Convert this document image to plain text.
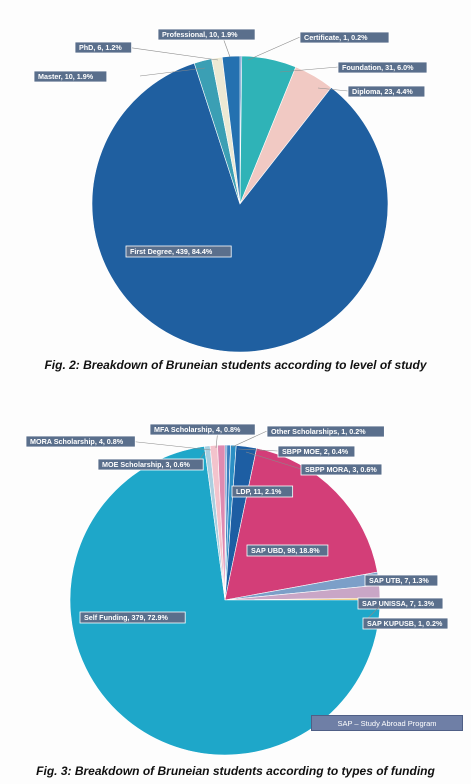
Certificate, 1, 0.2%
Foundation, 31, 6.0%
Diploma, 23, 4.4%
First Degree, 439, 84.4%
Master, 10, 1.9%
PhD, 6, 1.2%
Professional, 10, 1.9%
Other Scholarships, 1, 0.2%
SBPP MOE, 2, 0.4%
SBPP MORA, 3, 0.6%
LDP, 11, 2.1%
SAP UBD, 98, 18.8%
SAP UTB, 7, 1.3%
SAP UNISSA, 7, 1.3%
SAP KUPUSB, 1, 0.2%
Self Funding, 379, 72.9%
MOE Scholarship, 3, 0.6%
MORA Scholarship, 4, 0.8%
MFA Scholarship, 4, 0.8%
Fig. 2: Breakdown of Bruneian students according to level of study
SAP – Study Abroad Program
Fig. 3: Breakdown of Bruneian students according to types of funding
